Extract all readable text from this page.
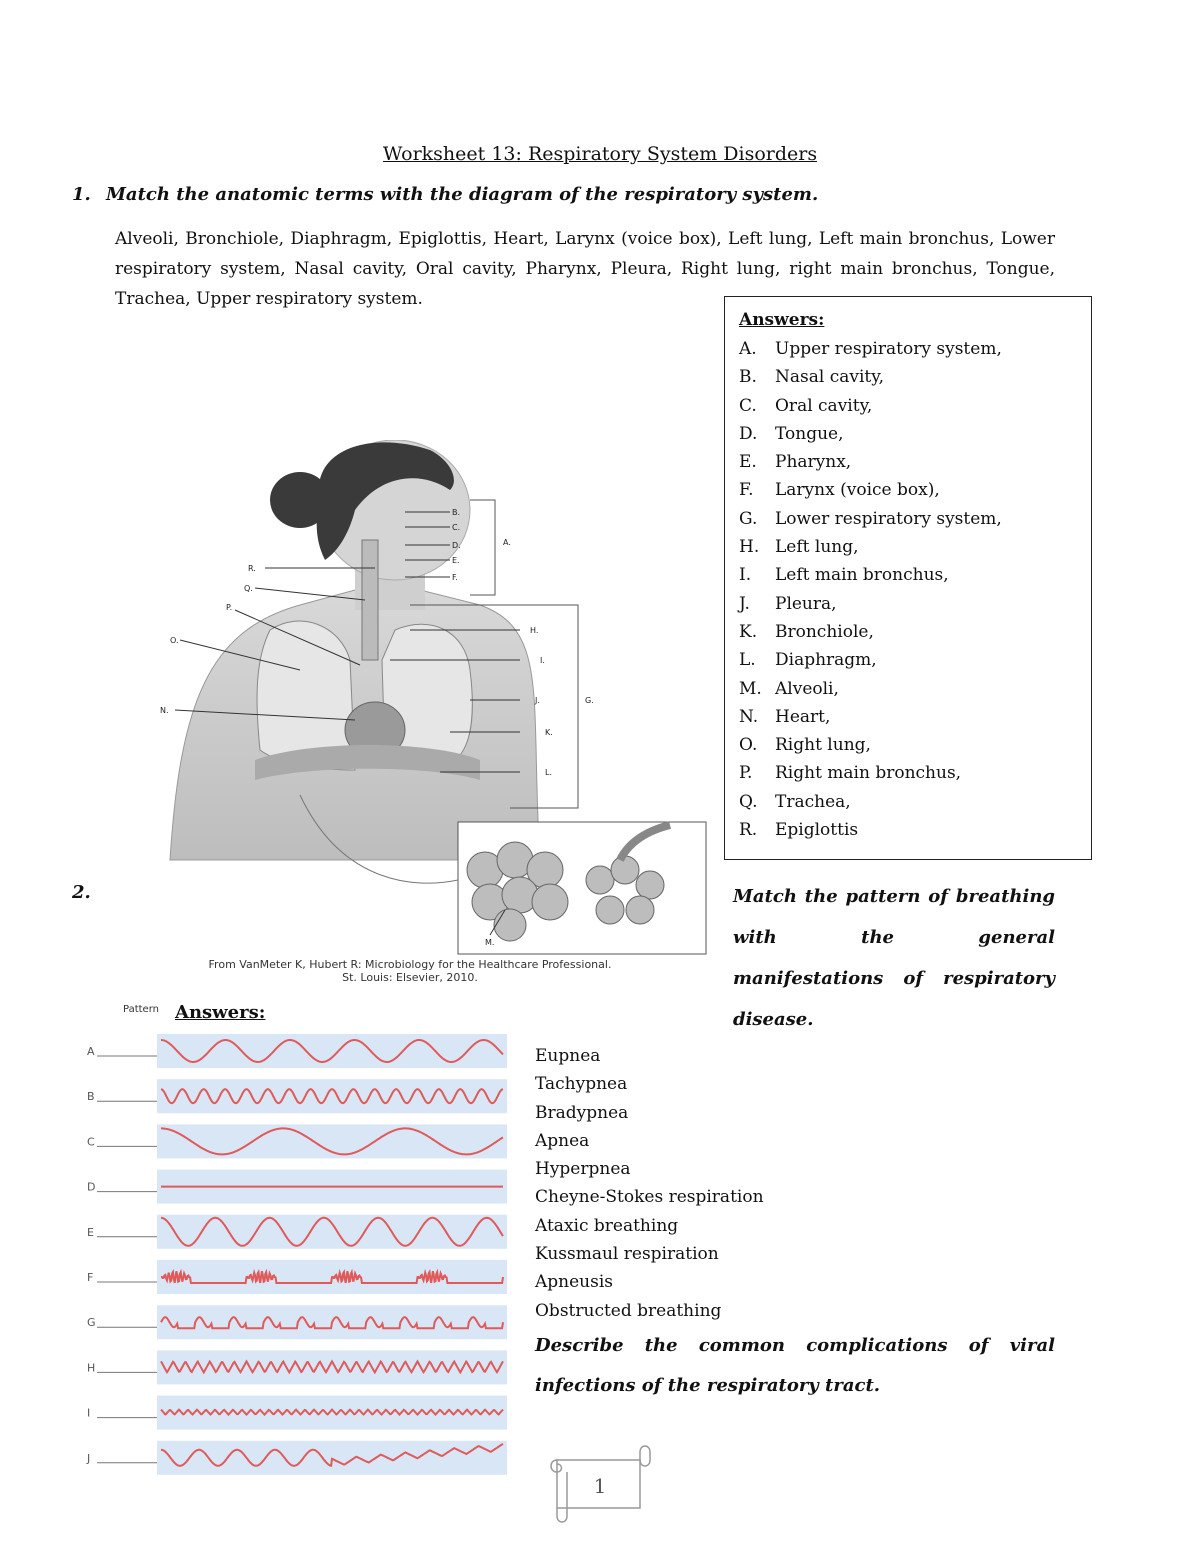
Worksheet 13: Respiratory System Disorders
1. Match the anatomic terms with the diagram of the respiratory system.
Alveoli, Bronchiole, Diaphragm, Epiglottis, Heart, Larynx (voice box), Left lung, Left main bronchus, Lower respiratory system, Nasal cavity, Oral cavity, Pharynx, Pleura, Right lung, right main bronchus, Tongue, Trachea, Upper respiratory system.
B.
C.
D.
E.
F.
A.
R.
Q.
P.
O.
N.
H.
I.
J.	G.
K.
L.
M.
From VanMeter K, Hubert R: Microbiology for the Healthcare Professional.
St. Louis: Elsevier, 2010.
Answers:
A. Upper respiratory system,
B. Nasal cavity,
C. Oral cavity,
D. Tongue,
E. Pharynx,
F. Larynx (voice box),
G. Lower respiratory system,
H. Left lung,
I. Left main bronchus,
J. Pleura,
K. Bronchiole,
L. Diaphragm,
M. Alveoli,
N. Heart,
O. Right lung,
P. Right main bronchus,
Q. Trachea,
R. Epiglottis
2.	Match the pattern of breathing with the general manifestations of respiratory disease.
Pattern Answers:
A
B
C
D
E
F
G
H
I
J
Eupnea
Tachypnea
Bradypnea
Apnea
Hyperpnea
Cheyne-Stokes respiration
Ataxic breathing
Kussmaul respiration
Apneusis
Obstructed breathing
Describe the common complications of viral infections of the respiratory tract.
1
